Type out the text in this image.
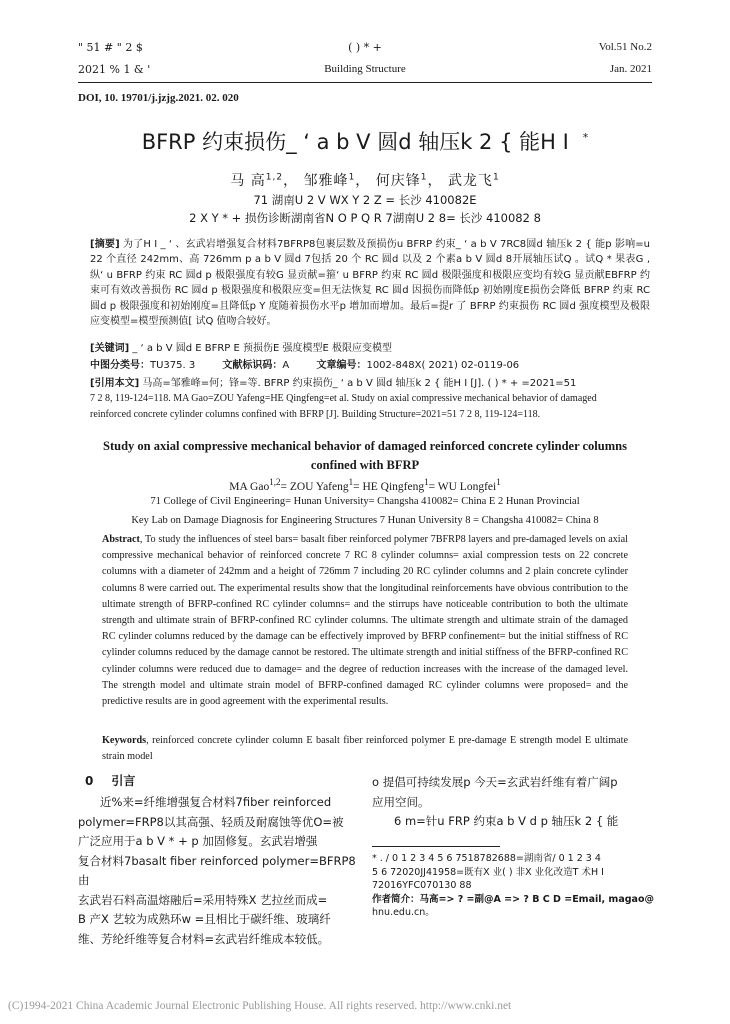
" 51 # " 2 $
2021 % 1 & '
( ) * +
Building Structure
Vol.51 No.2
Jan. 2021
DOI, 10. 19701/j.jzjg.2021. 02. 020
BFRP 约束损伤_ ‘ a b V 圆d 轴压k 2 { 能H I *
马 高$^{1,2}$， 邹雅峰$^1$， 何庆锋$^1$， 武龙飞$^1$
71 湖南U 2 V WX Y 2 Z = 长沙 410082E
2 X Y * + 损伤诊断湖南省N O P Q R 7湖南U 2 8= 长沙 410082 8
[摘要] 为了H I _ ‘ 、玄武岩增强复合材料7BFRP8包裹层数及预损伤u BFRP 约束_ ‘ a b V 7RC8圆d 轴压k 2 { 能p 影响=u 22 个直径 242mm、高 726mm p a b V 圆d 7包括 20 个 RC 圆d 以及 2 个素a b V 圆d 8开展轴压试Q 。试Q * 果表G ,纵‘ u BFRP 约束 RC 圆d p 极限强度有较G 显贡献=箍‘ u BFRP 约束 RC 圆d 极限强度和极限应变均有较G 显贡献EBFRP 约束可有效改善损伤 RC 圆d p 极限强度和极限应变=但无法恢复 RC 圆d 因损伤而降低p 初始刚度E损伤会降低 BFRP 约束 RC 圆d p 极限强度和初始刚度=且降低p Y 度随着损伤水平p 增加而增加。最后=提r 了 BFRP 约束损伤 RC 圆d 强度模型及极限应变模型=模型预测值[ 试Q 值吻合较好。
[关键词] _ ‘ a b V 圆d E BFRP E 预损伤E 强度模型E 极限应变模型
中图分类号：TU375. 3	文献标识码：A	文章编号：1002-848X( 2021) 02-0119-06
[引用本文] 马高=邹雅峰=何；锋=等. BFRP 约束损伤_ ‘ a b V 圆d 轴压k 2 { 能H I [J]. ( ) * + =2021=51
7 2 8, 119-124=118. MA Gao=ZOU Yafeng=HE Qingfeng=et al. Study on axial compressive mechanical behavior of damaged
reinforced concrete cylinder columns confined with BFRP [J]. Building Structure=2021=51 7 2 8, 119-124=118.
Study on axial compressive mechanical behavior of damaged reinforced concrete cylinder columns
confined with BFRP
MA Gao$^{1,2}$= ZOU Yafeng$^1$= HE Qingfeng$^1$= WU Longfei$^1$
71 College of Civil Engineering= Hunan University= Changsha 410082= China E 2 Hunan Provincial
Key Lab on Damage Diagnosis for Engineering Structures 7 Hunan University 8 = Changsha 410082= China 8
Abstract, To study the influences of steel bars= basalt fiber reinforced polymer 7BFRP8 layers and pre-damaged levels on axial compressive mechanical behavior of reinforced concrete 7 RC 8 cylinder columns= axial compression tests on 22 concrete columns with a diameter of 242mm and a height of 726mm 7 including 20 RC cylinder columns and 2 plain concrete cylinder columns 8 were carried out. The experimental results show that the longitudinal reinforcements have obvious contribution to the ultimate strength of BFRP-confined RC cylinder columns= and the stirrups have noticeable contribution to both the ultimate strength and ultimate strain of BFRP-confined RC cylinder columns. The ultimate strength and ultimate strain of the damaged RC cylinder columns reduced by the damage can be effectively improved by BFRP confinement= but the initial stiffness of RC cylinder columns reduced by the damage cannot be restored. The ultimate strength and initial stiffness of the BFRP-confined RC cylinder columns were reduced due to damage= and the degree of reduction increases with the increase of the damaged level. The strength model and ultimate strain model of BFRP-confined damaged RC cylinder columns were proposed= and the predictive results are in good agreement with the experimental results.
Keywords, reinforced concrete cylinder column E basalt fiber reinforced polymer E pre-damage E strength model E ultimate strain model
0 引言
近%来=纤维增强复合材料7fiber reinforced
polymer=FRP8以其高强、轻质及耐腐蚀等优O=被
广泛应用于a b V * + p 加固修复。玄武岩增强
复合材料7basalt fiber reinforced polymer=BFRP8由
玄武岩石料高温熔融后=采用特殊X 艺拉丝而成=
B 产X 艺较为成熟环w =且相比于碳纤维、玻璃纤
维、芳纶纤维等复合材料=玄武岩纤维成本较低。
o 提倡可持续发展p 今天=玄武岩纤维有着广阔p
应用空间。
6 m=针u FRP 约束a b V d p 轴压k 2 { 能
* . / 0 1 2 3 4 5 6 7518782688=湖南省/ 0 1 2 3 4
5 6 72020JJ41958=既有X 业( ) 非X 业化改造T 术H I
72016YFC070130 88
作者简介：马高=> ? =副@A => ? B C D =Email, magao@
hnu.edu.cn。
(C)1994-2021 China Academic Journal Electronic Publishing House. All rights reserved. http://www.cnki.net
